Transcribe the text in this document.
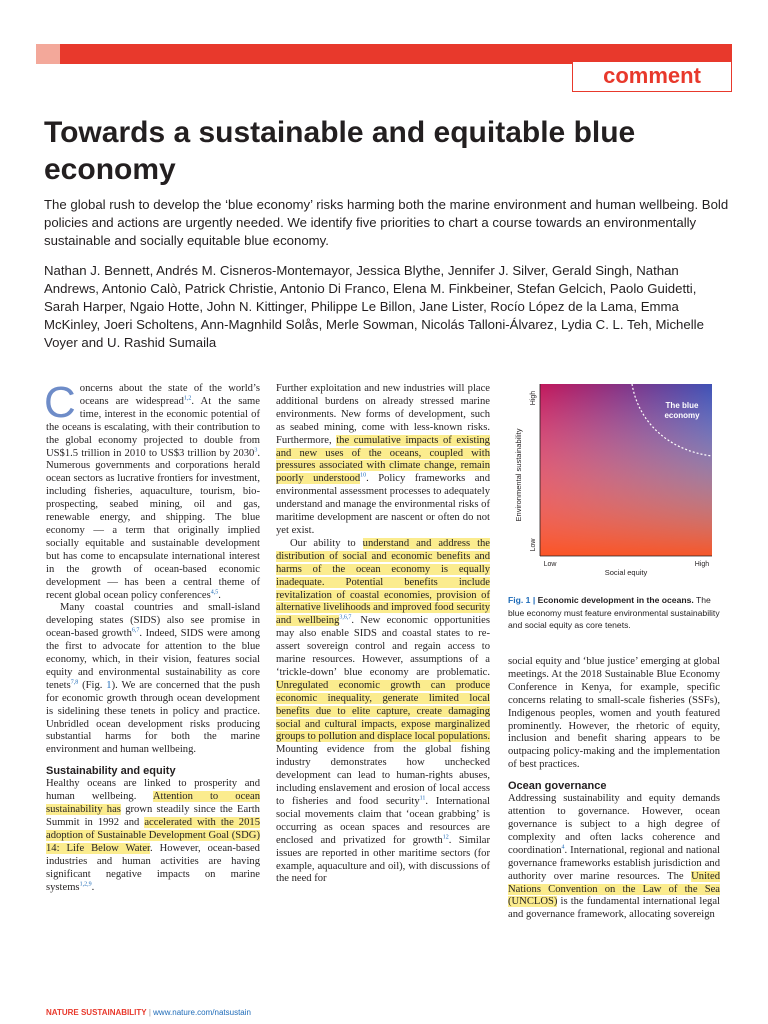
comment
Towards a sustainable and equitable blue economy

The global rush to develop the ‘blue economy’ risks harming both the marine environment and human wellbeing. Bold policies and actions are urgently needed. We identify five priorities to chart a course towards an environmentally sustainable and socially equitable blue economy.

Nathan J. Bennett, Andrés M. Cisneros-Montemayor, Jessica Blythe, Jennifer J. Silver, Gerald Singh, Nathan Andrews, Antonio Calò, Patrick Christie, Antonio Di Franco, Elena M. Finkbeiner, Stefan Gelcich, Paolo Guidetti, Sarah Harper, Ngaio Hotte, John N. Kittinger, Philippe Le Billon, Jane Lister, Rocío López de la Lama, Emma McKinley, Joeri Scholtens, Ann-Magnhild Solås, Merle Sowman, Nicolás Talloni-Álvarez, Lydia C. L. Teh, Michelle Voyer and U. Rashid Sumaila

Concerns about the state of the world’s oceans are widespread$^{1,2}$. At the same time, interest in the economic potential of the oceans is escalating, with their contribution to the global economy projected to double from US$1.5 trillion in 2010 to US$3 trillion by 2030$^3$. Numerous governments and corporations herald ocean sectors as lucrative frontiers for investment, including fisheries, aquaculture, tourism, bio-prospecting, seabed mining, oil and gas, renewable energy, and shipping. The blue economy — a term that originally implied socially equitable and sustainable development but has come to encapsulate international interest in the growth of ocean-based economic development — has been a central theme of recent global ocean policy conferences$^{4,5}$.

Many coastal countries and small-island developing states (SIDS) also see promise in ocean-based growth$^{6,7}$. Indeed, SIDS were among the first to advocate for attention to the blue economy, which, in their vision, features social equity and environmental sustainability as core tenets$^{7,8}$ (Fig. 1). We are concerned that the push for economic growth through ocean development is sidelining these tenets in policy and practice. Unbridled ocean development risks producing substantial harms for both the marine environment and human wellbeing.

Sustainability and equity

Healthy oceans are linked to prosperity and human wellbeing. Attention to ocean sustainability has grown steadily since the Earth Summit in 1992 and accelerated with the 2015 adoption of Sustainable Development Goal (SDG) 14: Life Below Water. However, ocean-based industries and human activities are having significant negative impacts on marine systems$^{1,2,9}$.

Further exploitation and new industries will place additional burdens on already stressed marine environments. New forms of development, such as seabed mining, come with less-known risks. Furthermore, the cumulative impacts of existing and new uses of the oceans, coupled with pressures associated with climate change, remain poorly understood$^{10}$. Policy frameworks and environmental assessment processes to adequately understand and manage the environmental risks of maritime development are nascent or often do not yet exist.

Our ability to understand and address the distribution of social and economic benefits and harms of the ocean economy is equally inadequate. Potential benefits include revitalization of coastal economies, provision of alternative livelihoods and improved food security and wellbeing$^{3,6,7}$. New economic opportunities may also enable SIDS and coastal states to re-assert sovereign control and regain access to marine resources. However, assumptions of a ‘trickle-down’ blue economy are problematic. Unregulated economic growth can produce economic inequality, generate limited local benefits due to elite capture, create damaging social and cultural impacts, expose marginalized groups to pollution and displace local populations. Mounting evidence from the global fishing industry demonstrates how unchecked development can lead to human-rights abuses, including enslavement and erosion of local access to fisheries and food security$^{11}$. International social movements claim that ‘ocean grabbing’ is occurring as ocean spaces and resources are enclosed and privatized for growth$^{12}$. Similar issues are reported in other maritime sectors (for example, aquaculture and oil), with discussions of the need for

Environmental sustainability
High
Low
The blue
economy
Low	High
Social equity
Fig. 1 | Economic development in the oceans. The blue economy must feature environmental sustainability and social equity as core tenets.

social equity and ‘blue justice’ emerging at global meetings. At the 2018 Sustainable Blue Economy Conference in Kenya, for example, specific concerns relating to small-scale fisheries (SSFs), Indigenous peoples, women and youth featured prominently. However, the rhetoric of equity, inclusion and benefit sharing appears to be outpacing policy-making and the implementation of best practices.

Ocean governance

Addressing sustainability and equity demands attention to governance. However, ocean governance is subject to a high degree of complexity and often lacks coherence and coordination$^4$. International, regional and national governance frameworks establish jurisdiction and authority over marine resources. The United Nations Convention on the Law of the Sea (UNCLOS) is the fundamental international legal and governance framework, allocating sovereign

NATURE SUSTAINABILITY | www.nature.com/natsustain
